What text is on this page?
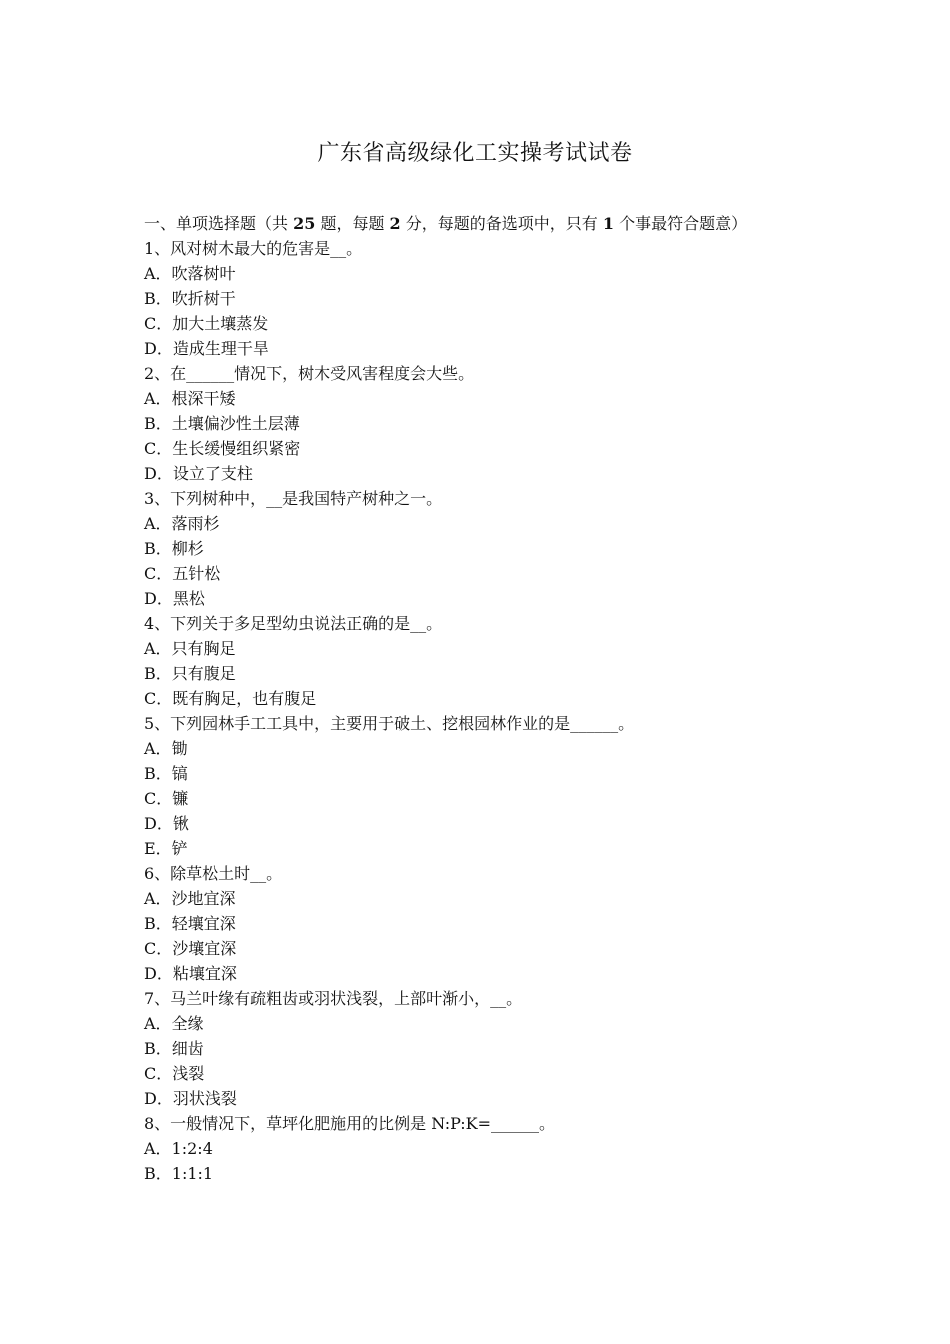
广东省高级绿化工实操考试试卷
一、单项选择题（共 25 题，每题 2 分，每题的备选项中，只有 1 个事最符合题意）
1、风对树木最大的危害是__。
A．吹落树叶
B．吹折树干
C．加大土壤蒸发
D．造成生理干旱
2、在______情况下，树木受风害程度会大些。
A．根深干矮
B．土壤偏沙性土层薄
C．生长缓慢组织紧密
D．设立了支柱
3、下列树种中，__是我国特产树种之一。
A．落雨杉
B．柳杉
C．五针松
D．黑松
4、下列关于多足型幼虫说法正确的是__。
A．只有胸足
B．只有腹足
C．既有胸足，也有腹足
5、下列园林手工工具中，主要用于破土、挖根园林作业的是______。
A．锄
B．镐
C．镰
D．锹
E．铲
6、除草松土时__。
A．沙地宜深
B．轻壤宜深
C．沙壤宜深
D．粘壤宜深
7、马兰叶缘有疏粗齿或羽状浅裂，上部叶渐小，__。
A．全缘
B．细齿
C．浅裂
D．羽状浅裂
8、一般情况下，草坪化肥施用的比例是 N:P:K=______。
A．1:2:4
B．1:1:1
